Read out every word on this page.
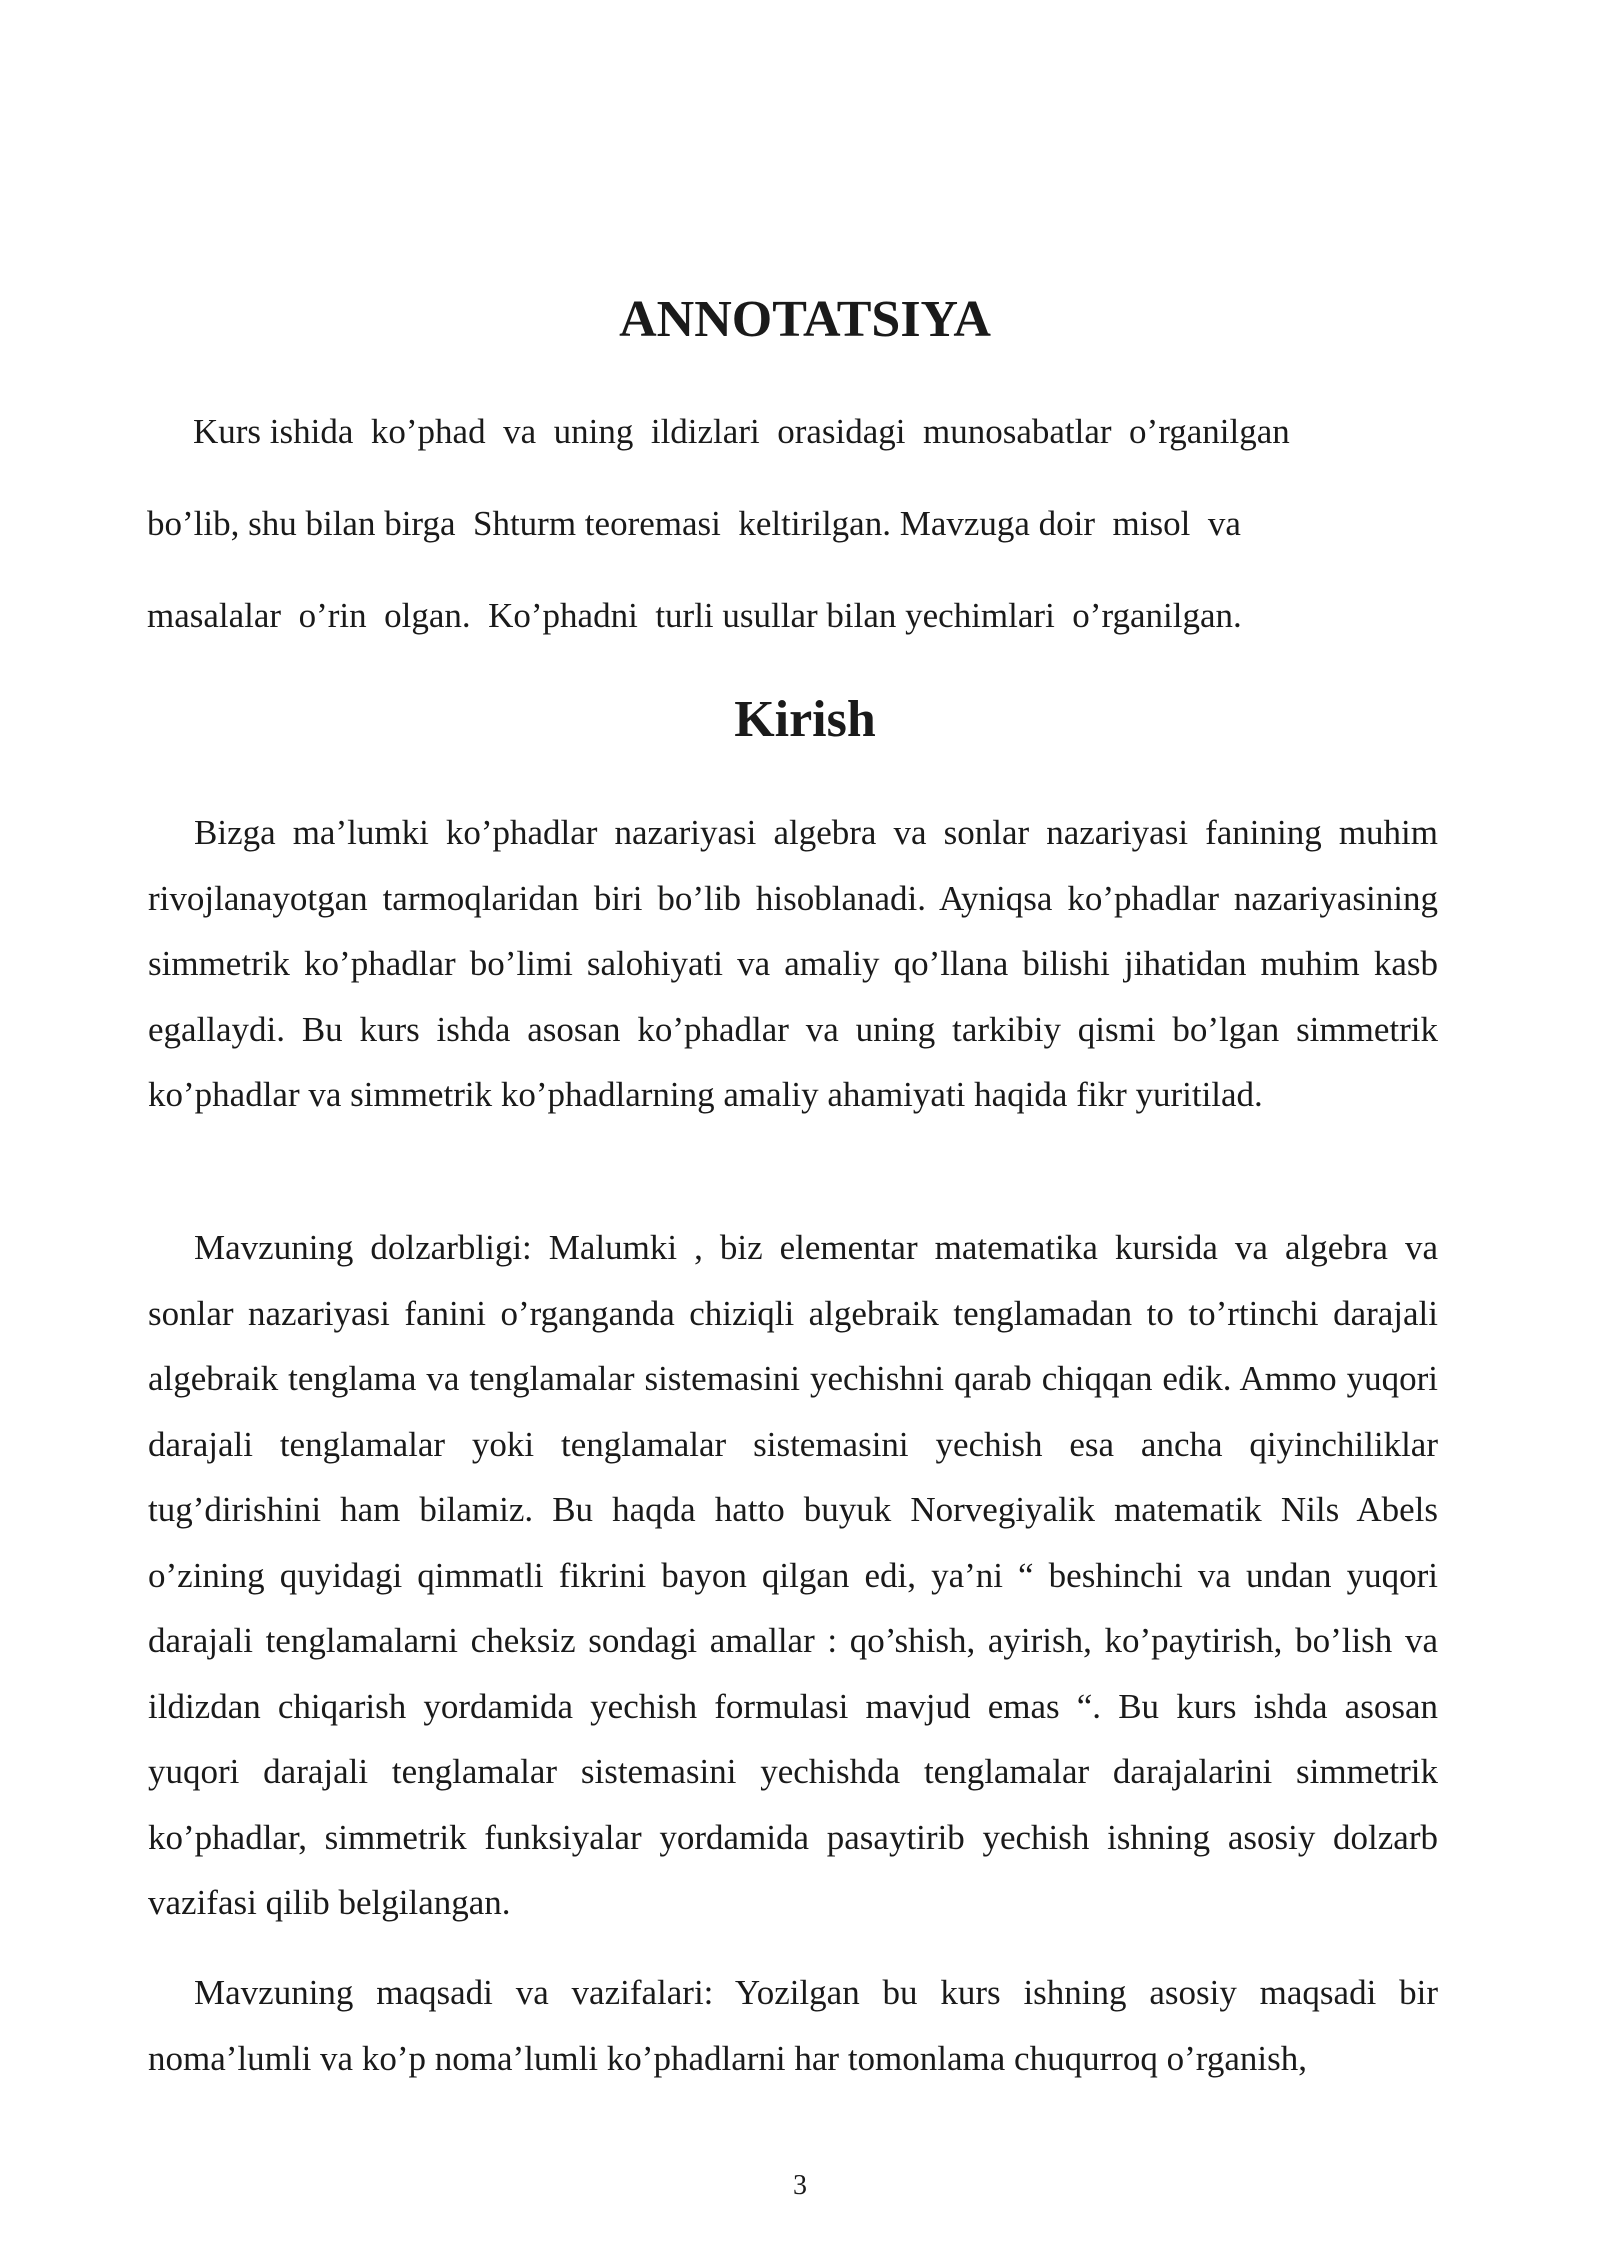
ANNOTATSIYA

Kurs ishida  ko’phad  va  uning  ildizlari  orasidagi  munosabatlar  o’rganilgan

bo’lib, shu bilan birga  Shturm teoremasi  keltirilgan. Mavzuga doir  misol  va

masalalar  o’rin  olgan.  Ko’phadni  turli usullar bilan yechimlari  o’rganilgan.

Kirish

Bizga ma’lumki ko’phadlar nazariyasi algebra va sonlar nazariyasi fanining muhim rivojlanayotgan tarmoqlaridan biri bo’lib hisoblanadi. Ayniqsa ko’phadlar nazariyasining simmetrik ko’phadlar bo’limi salohiyati va amaliy qo’llana bilishi jihatidan muhim kasb egallaydi. Bu kurs ishda asosan ko’phadlar va uning tarkibiy qismi bo’lgan simmetrik ko’phadlar va simmetrik ko’phadlarning amaliy ahamiyati haqida fikr yuritilad.

Mavzuning dolzarbligi: Malumki , biz elementar matematika kursida va algebra va sonlar nazariyasi fanini o’rganganda chiziqli algebraik tenglamadan to to’rtinchi darajali algebraik tenglama va tenglamalar sistemasini yechishni qarab chiqqan edik. Ammo yuqori darajali tenglamalar yoki tenglamalar sistemasini yechish esa ancha qiyinchiliklar tug’dirishini ham bilamiz. Bu haqda hatto buyuk Norvegiyalik matematik Nils Abels o’zining quyidagi qimmatli fikrini bayon qilgan edi, ya’ni “ beshinchi va undan yuqori darajali tenglamalarni cheksiz sondagi amallar : qo’shish, ayirish, ko’paytirish, bo’lish va ildizdan chiqarish yordamida yechish formulasi mavjud emas “. Bu kurs ishda asosan yuqori darajali tenglamalar sistemasini yechishda tenglamalar darajalarini simmetrik ko’phadlar, simmetrik funksiyalar yordamida pasaytirib yechish ishning asosiy dolzarb vazifasi qilib belgilangan.

Mavzuning maqsadi va vazifalari: Yozilgan bu kurs ishning asosiy maqsadi bir noma’lumli va ko’p noma’lumli ko’phadlarni har tomonlama chuqurroq o’rganish,

3
